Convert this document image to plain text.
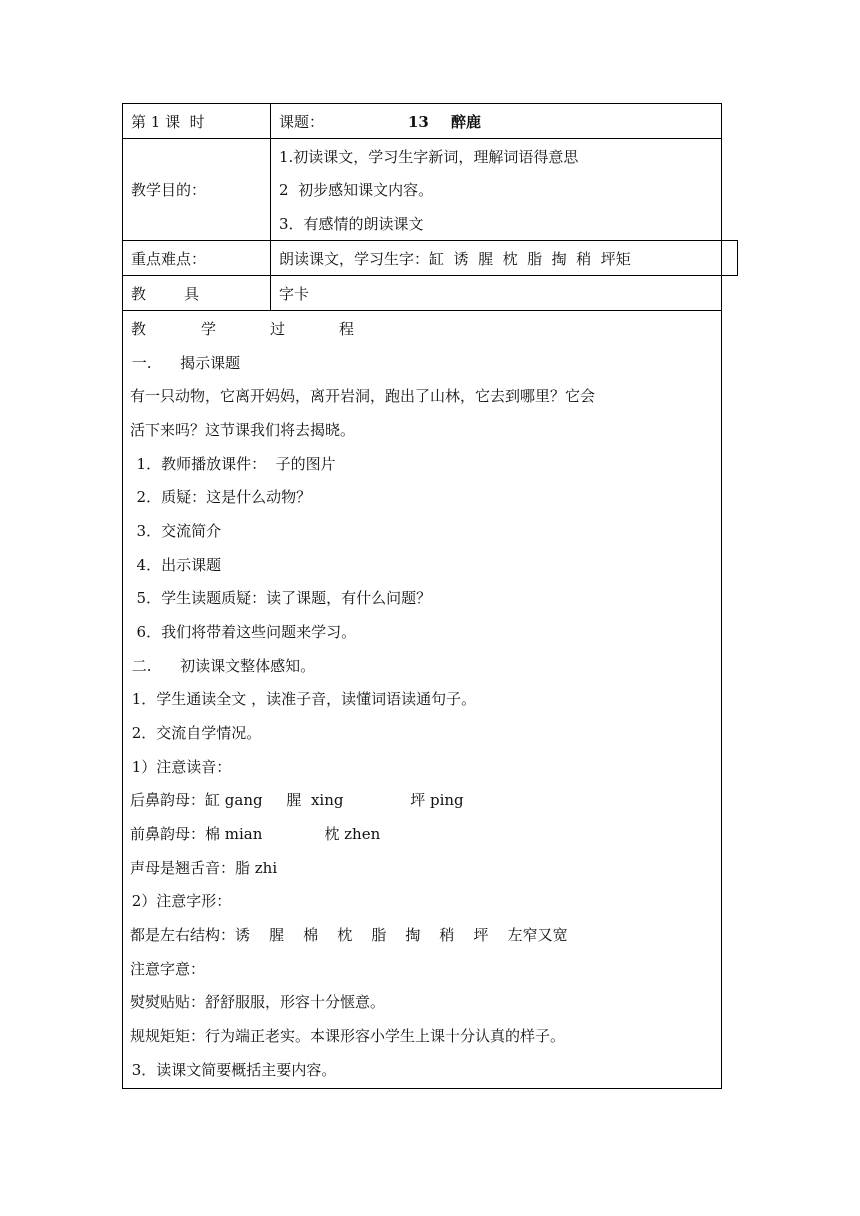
第 1 课  时	课题：	13 醉鹿
教学目的：
1.初读课文，学习生字新词，理解词语得意思
2  初步感知课文内容。
3．有感情的朗读课文
重点难点：	朗读课文，学习生字：缸  诱  腥  枕  脂  掏  稍  坪矩
教	具	字卡
教	学	过	程
一.      揭示课题
有一只动物，它离开妈妈，离开岩洞，跑出了山林，它去到哪里？它会
活下来吗？这节课我们将去揭晓。
1．教师播放课件：  子的图片
2．质疑：这是什么动物？
3．交流简介
4．出示课题
5．学生读题质疑：读了课题，有什么问题？
6．我们将带着这些问题来学习。
二.      初读课文整体感知。
1．学生通读全文 ，读准子音，读懂词语读通句子。
2．交流自学情况。
1）注意读音：
后鼻韵母：缸 gang     腥  xing              坪 ping
前鼻韵母：棉 mian             枕 zhen
声母是翘舌音：脂 zhi
2）注意字形：
都是左右结构：诱    腥    棉    枕    脂    掏    稍    坪    左窄又宽
注意字意：
熨熨贴贴：舒舒服服，形容十分惬意。
规规矩矩：行为端正老实。本课形容小学生上课十分认真的样子。
3．读课文简要概括主要内容。
